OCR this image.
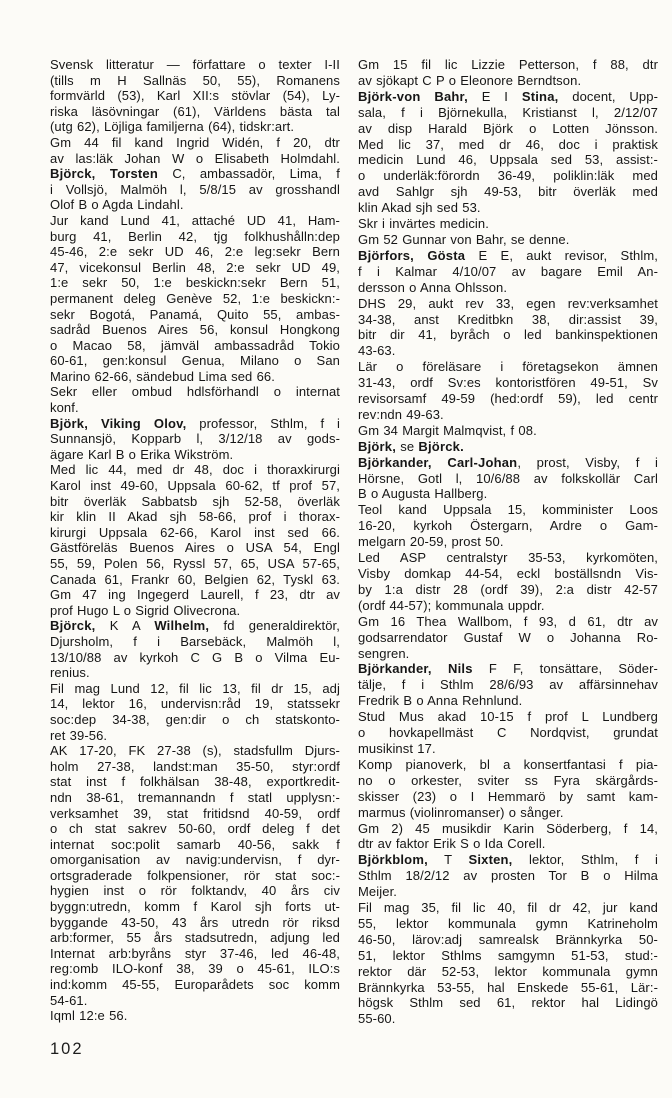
Svensk litteratur — författare o texter I-II
(tills m H Sallnäs 50, 55), Romanens
formvärld (53), Karl XII:s stövlar (54), Ly-
riska läsövningar (61), Världens bästa tal
(utg 62), Löjliga familjerna (64), tidskr:art.
Gm 44 fil kand Ingrid Widén, f 20, dtr
av las:läk Johan W o Elisabeth Holmdahl.
Björck, Torsten C, ambassadör, Lima, f
i Vollsjö, Malmöh l, 5/8/15 av grosshandl
Olof B o Agda Lindahl.
Jur kand Lund 41, attaché UD 41, Ham-
burg 41, Berlin 42, tjg folkhushålln:dep
45-46, 2:e sekr UD 46, 2:e leg:sekr Bern
47, vicekonsul Berlin 48, 2:e sekr UD 49,
1:e sekr 50, 1:e beskickn:sekr Bern 51,
permanent deleg Genève 52, 1:e beskickn:-
sekr Bogotá, Panamá, Quito 55, ambas-
sadråd Buenos Aires 56, konsul Hongkong
o Macao 58, jämväl ambassadråd Tokio
60-61, gen:konsul Genua, Milano o San
Marino 62-66, sändebud Lima sed 66.
Sekr eller ombud hdlsförhandl o internat
konf.
Björk, Viking Olov, professor, Sthlm, f i
Sunnansjö, Kopparb l, 3/12/18 av gods-
ägare Karl B o Erika Wikström.
Med lic 44, med dr 48, doc i thoraxkirurgi
Karol inst 49-60, Uppsala 60-62, tf prof 57,
bitr överläk Sabbatsb sjh 52-58, överläk
kir klin II Akad sjh 58-66, prof i thorax-
kirurgi Uppsala 62-66, Karol inst sed 66.
Gästföreläs Buenos Aires o USA 54, Engl
55, 59, Polen 56, Ryssl 57, 65, USA 57-65,
Canada 61, Frankr 60, Belgien 62, Tyskl 63.
Gm 47 ing Ingegerd Laurell, f 23, dtr av
prof Hugo L o Sigrid Olivecrona.
Björck, K A Wilhelm, fd generaldirektör,
Djursholm, f i Barsebäck, Malmöh l,
13/10/88 av kyrkoh C G B o Vilma Eu-
renius.
Fil mag Lund 12, fil lic 13, fil dr 15, adj
14, lektor 16, undervisn:råd 19, statssekr
soc:dep 34-38, gen:dir o ch statskonto-
ret 39-56.
AK 17-20, FK 27-38 (s), stadsfullm Djurs-
holm 27-38, landst:man 35-50, styr:ordf
stat inst f folkhälsan 38-48, exportkredit-
ndn 38-61, tremannandn f statl upplysn:-
verksamhet 39, stat fritidsnd 40-59, ordf
o ch stat sakrev 50-60, ordf deleg f det
internat soc:polit samarb 40-56, sakk f
omorganisation av navig:undervisn, f dyr-
ortsgraderade folkpensioner, rör stat soc:-
hygien inst o rör folktandv, 40 års civ
byggn:utredn, komm f Karol sjh forts ut-
byggande 43-50, 43 års utredn rör riksd
arb:former, 55 års stadsutredn, adjung led
Internat arb:byråns styr 37-46, led 46-48,
reg:omb ILO-konf 38, 39 o 45-61, ILO:s
ind:komm 45-55, Europarådets soc komm
54-61.
Iqml 12:e 56.
Gm 15 fil lic Lizzie Petterson, f 88, dtr
av sjökapt C P o Eleonore Berndtson.
Björk-von Bahr, E I Stina, docent, Upp-
sala, f i Björnekulla, Kristianst l, 2/12/07
av disp Harald Björk o Lotten Jönsson.
Med lic 37, med dr 46, doc i praktisk
medicin Lund 46, Uppsala sed 53, assist:-
o underläk:förordn 36-49, poliklin:läk med
avd Sahlgr sjh 49-53, bitr överläk med
klin Akad sjh sed 53.
Skr i invärtes medicin.
Gm 52 Gunnar von Bahr, se denne.
Björfors, Gösta E E, aukt revisor, Sthlm,
f i Kalmar 4/10/07 av bagare Emil An-
dersson o Anna Ohlsson.
DHS 29, aukt rev 33, egen rev:verksamhet
34-38, anst Kreditbkn 38, dir:assist 39,
bitr dir 41, byråch o led bankinspektionen
43-63.
Lär o föreläsare i företagsekon ämnen
31-43, ordf Sv:es kontoristfören 49-51, Sv
revisorsamf 49-59 (hed:ordf 59), led centr
rev:ndn 49-63.
Gm 34 Margit Malmqvist, f 08.
Björk, se Björck.
Björkander, Carl-Johan, prost, Visby, f i
Hörsne, Gotl l, 10/6/88 av folkskollär Carl
B o Augusta Hallberg.
Teol kand Uppsala 15, komminister Loos
16-20, kyrkoh Östergarn, Ardre o Gam-
melgarn 20-59, prost 50.
Led ASP centralstyr 35-53, kyrkomöten,
Visby domkap 44-54, eckl boställsndn Vis-
by 1:a distr 28 (ordf 39), 2:a distr 42-57
(ordf 44-57); kommunala uppdr.
Gm 16 Thea Wallbom, f 93, d 61, dtr av
godsarrendator Gustaf W o Johanna Ro-
sengren.
Björkander, Nils F F, tonsättare, Söder-
tälje, f i Sthlm 28/6/93 av affärsinnehav
Fredrik B o Anna Rehnlund.
Stud Mus akad 10-15 f prof L Lundberg
o hovkapellmäst C Nordqvist, grundat
musikinst 17.
Komp pianoverk, bl a konsertfantasi f pia-
no o orkester, sviter ss Fyra skärgårds-
skisser (23) o I Hemmarö by samt kam-
marmus (violinromanser) o sånger.
Gm 2) 45 musikdir Karin Söderberg, f 14,
dtr av faktor Erik S o Ida Corell.
Björkblom, T Sixten, lektor, Sthlm, f i
Sthlm 18/2/12 av prosten Tor B o Hilma
Meijer.
Fil mag 35, fil lic 40, fil dr 42, jur kand
55, lektor kommunala gymn Katrineholm
46-50, lärov:adj samrealsk Brännkyrka 50-
51, lektor Sthlms samgymn 51-53, stud:-
rektor där 52-53, lektor kommunala gymn
Brännkyrka 53-55, hal Enskede 55-61, Lär:-
högsk Sthlm sed 61, rektor hal Lidingö
55-60.
102
